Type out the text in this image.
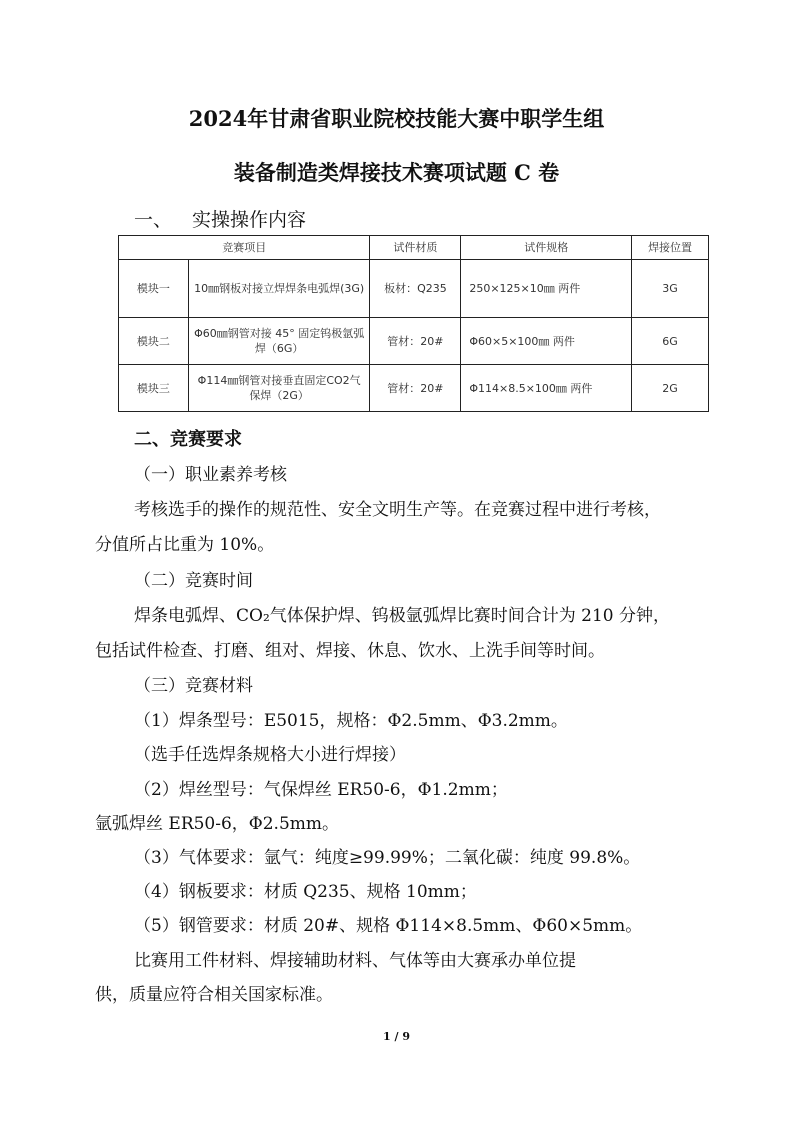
2024年甘肃省职业院校技能大赛中职学生组
装备制造类焊接技术赛项试题 C 卷
一、 实操操作内容
竞赛项目		试件材质	试件规格	焊接位置
模块一	10㎜钢板对接立焊焊条电弧焊(3G)	板材：Q235	250×125×10㎜ 两件	3G
模块二	Φ60㎜钢管对接 45° 固定钨极氩弧焊（6G）	管材：20#	Φ60×5×100㎜ 两件	6G
模块三	Φ114㎜钢管对接垂直固定CO2气保焊（2G）	管材：20#	Φ114×8.5×100㎜ 两件	2G
二、竞赛要求
（一）职业素养考核
考核选手的操作的规范性、安全文明生产等。在竞赛过程中进行考核，
分值所占比重为 10%。
（二）竞赛时间
焊条电弧焊、CO₂气体保护焊、钨极氩弧焊比赛时间合计为 210 分钟，
包括试件检查、打磨、组对、焊接、休息、饮水、上洗手间等时间。
（三）竞赛材料
（1）焊条型号：E5015，规格：Φ2.5mm、Φ3.2mm。
（选手任选焊条规格大小进行焊接）
（2）焊丝型号：气保焊丝 ER50-6，Φ1.2mm；
氩弧焊丝 ER50-6，Φ2.5mm。
（3）气体要求：氩气：纯度≥99.99%；二氧化碳：纯度 99.8%。
（4）钢板要求：材质 Q235、规格 10mm；
（5）钢管要求：材质 20#、规格 Φ114×8.5mm、Φ60×5mm。
比赛用工件材料、焊接辅助材料、气体等由大赛承办单位提
供，质量应符合相关国家标准。
1 / 9
